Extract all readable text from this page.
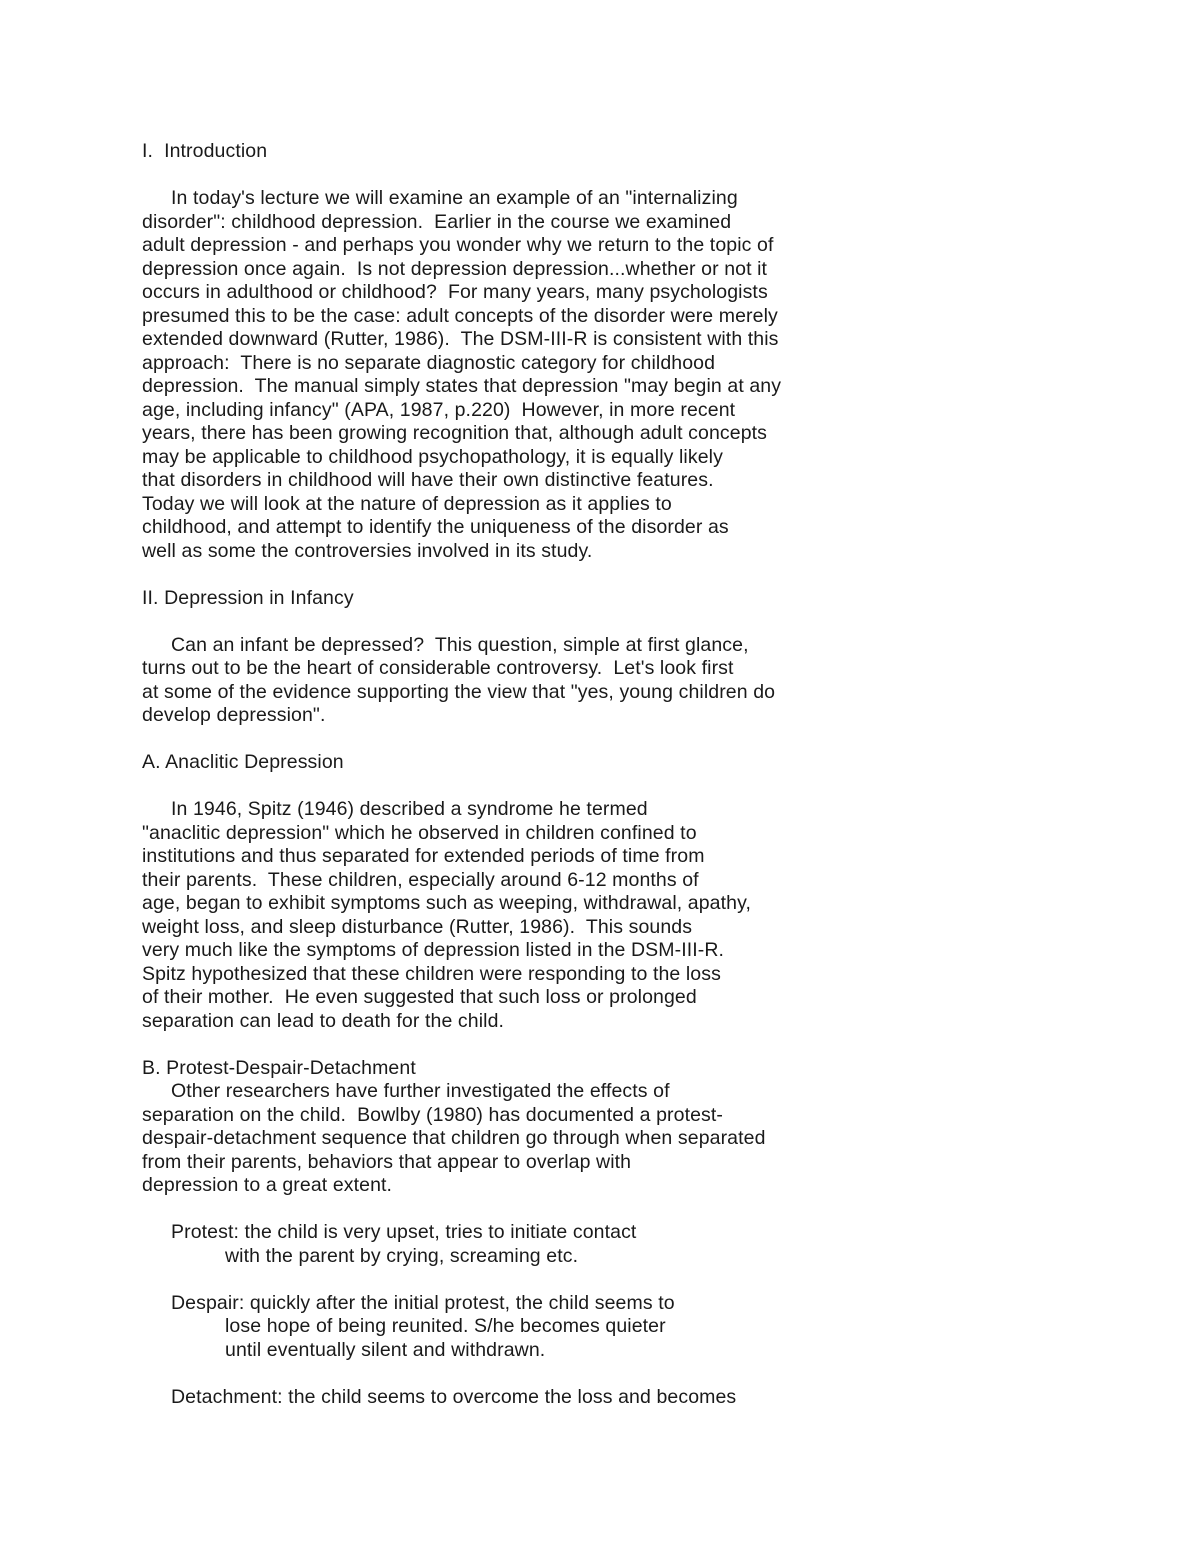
I.  Introduction
In today's lecture we will examine an example of an "internalizing
disorder": childhood depression.  Earlier in the course we examined
adult depression - and perhaps you wonder why we return to the topic of
depression once again.  Is not depression depression...whether or not it
occurs in adulthood or childhood?  For many years, many psychologists
presumed this to be the case: adult concepts of the disorder were merely
extended downward (Rutter, 1986).  The DSM-III-R is consistent with this
approach:  There is no separate diagnostic category for childhood
depression.  The manual simply states that depression "may begin at any
age, including infancy" (APA, 1987, p.220)  However, in more recent
years, there has been growing recognition that, although adult concepts
may be applicable to childhood psychopathology, it is equally likely
that disorders in childhood will have their own distinctive features.
Today we will look at the nature of depression as it applies to
childhood, and attempt to identify the uniqueness of the disorder as
well as some the controversies involved in its study.
II. Depression in Infancy
Can an infant be depressed?  This question, simple at first glance,
turns out to be the heart of considerable controversy.  Let's look first
at some of the evidence supporting the view that "yes, young children do
develop depression".
A. Anaclitic Depression
In 1946, Spitz (1946) described a syndrome he termed
"anaclitic depression" which he observed in children confined to
institutions and thus separated for extended periods of time from
their parents.  These children, especially around 6-12 months of
age, began to exhibit symptoms such as weeping, withdrawal, apathy,
weight loss, and sleep disturbance (Rutter, 1986).  This sounds
very much like the symptoms of depression listed in the DSM-III-R.
Spitz hypothesized that these children were responding to the loss
of their mother.  He even suggested that such loss or prolonged
separation can lead to death for the child.
B. Protest-Despair-Detachment
Other researchers have further investigated the effects of
separation on the child.  Bowlby (1980) has documented a protest-
despair-detachment sequence that children go through when separated
from their parents, behaviors that appear to overlap with
depression to a great extent.
Protest: the child is very upset, tries to initiate contact
with the parent by crying, screaming etc.
Despair: quickly after the initial protest, the child seems to
lose hope of being reunited. S/he becomes quieter
until eventually silent and withdrawn.
Detachment: the child seems to overcome the loss and becomes
